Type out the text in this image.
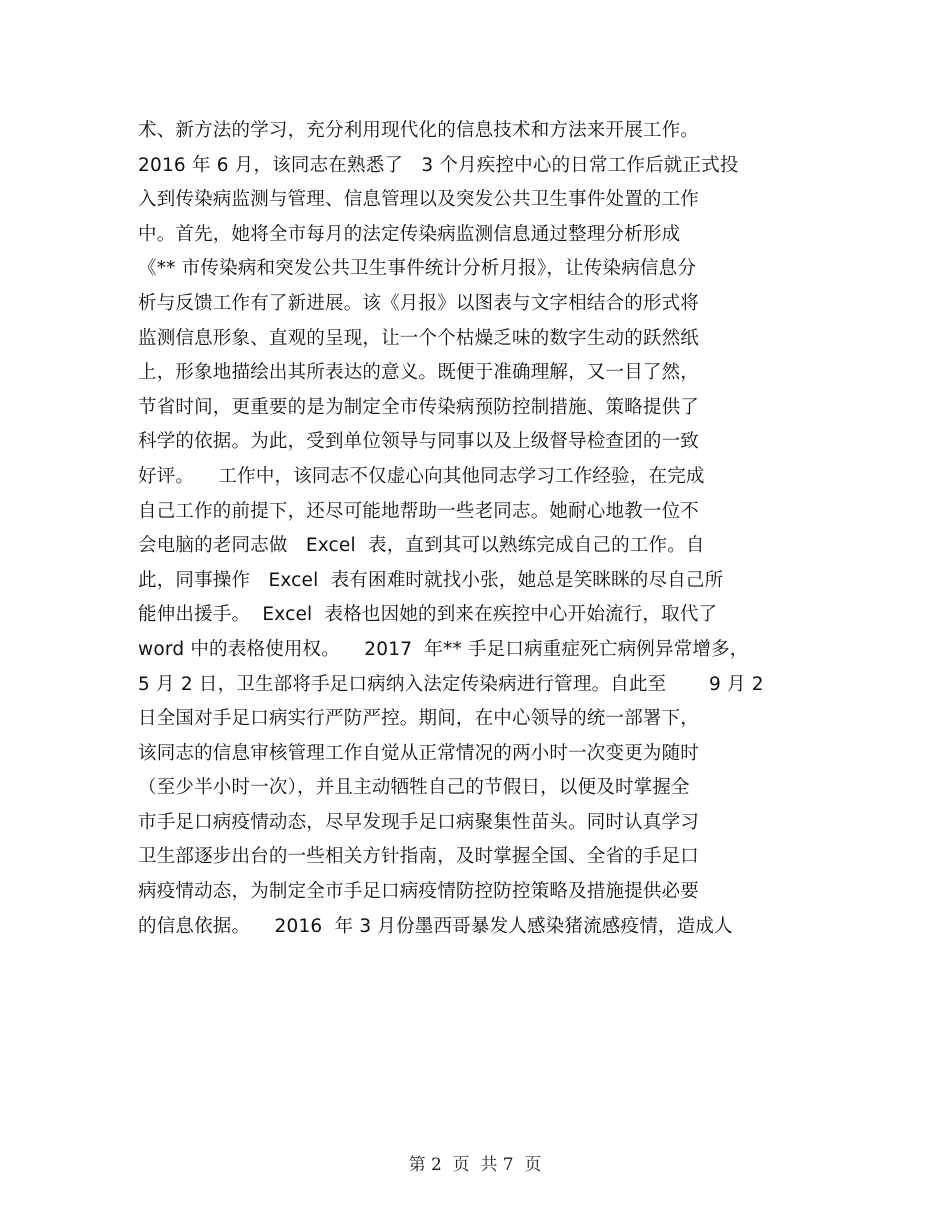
术、新方法的学习，充分利用现代化的信息技术和方法来开展工作。
2016 年 6 月，该同志在熟悉了   3 个月疾控中心的日常工作后就正式投
入到传染病监测与管理、信息管理以及突发公共卫生事件处置的工作
中。首先，她将全市每月的法定传染病监测信息通过整理分析形成
《** 市传染病和突发公共卫生事件统计分析月报》，让传染病信息分
析与反馈工作有了新进展。该《月报》以图表与文字相结合的形式将
监测信息形象、直观的呈现，让一个个枯燥乏味的数字生动的跃然纸
上，形象地描绘出其所表达的意义。既便于准确理解，又一目了然，
节省时间，更重要的是为制定全市传染病预防控制措施、策略提供了
科学的依据。为此，受到单位领导与同事以及上级督导检查团的一致
好评。    工作中，该同志不仅虚心向其他同志学习工作经验，在完成
自己工作的前提下，还尽可能地帮助一些老同志。她耐心地教一位不
会电脑的老同志做   Excel  表，直到其可以熟练完成自己的工作。自
此，同事操作   Excel  表有困难时就找小张，她总是笑眯眯的尽自己所
能伸出援手。  Excel  表格也因她的到来在疾控中心开始流行，取代了
word 中的表格使用权。    2017  年** 手足口病重症死亡病例异常增多，
5 月 2 日，卫生部将手足口病纳入法定传染病进行管理。自此至       9 月 2
日全国对手足口病实行严防严控。期间，在中心领导的统一部署下，
该同志的信息审核管理工作自觉从正常情况的两小时一次变更为随时
（至少半小时一次），并且主动牺牲自己的节假日，以便及时掌握全
市手足口病疫情动态，尽早发现手足口病聚集性苗头。同时认真学习
卫生部逐步出台的一些相关方针指南，及时掌握全国、全省的手足口
病疫情动态，为制定全市手足口病疫情防控防控策略及措施提供必要
的信息依据。    2016  年 3 月份墨西哥暴发人感染猪流感疫情，造成人
第 2  页  共 7  页
